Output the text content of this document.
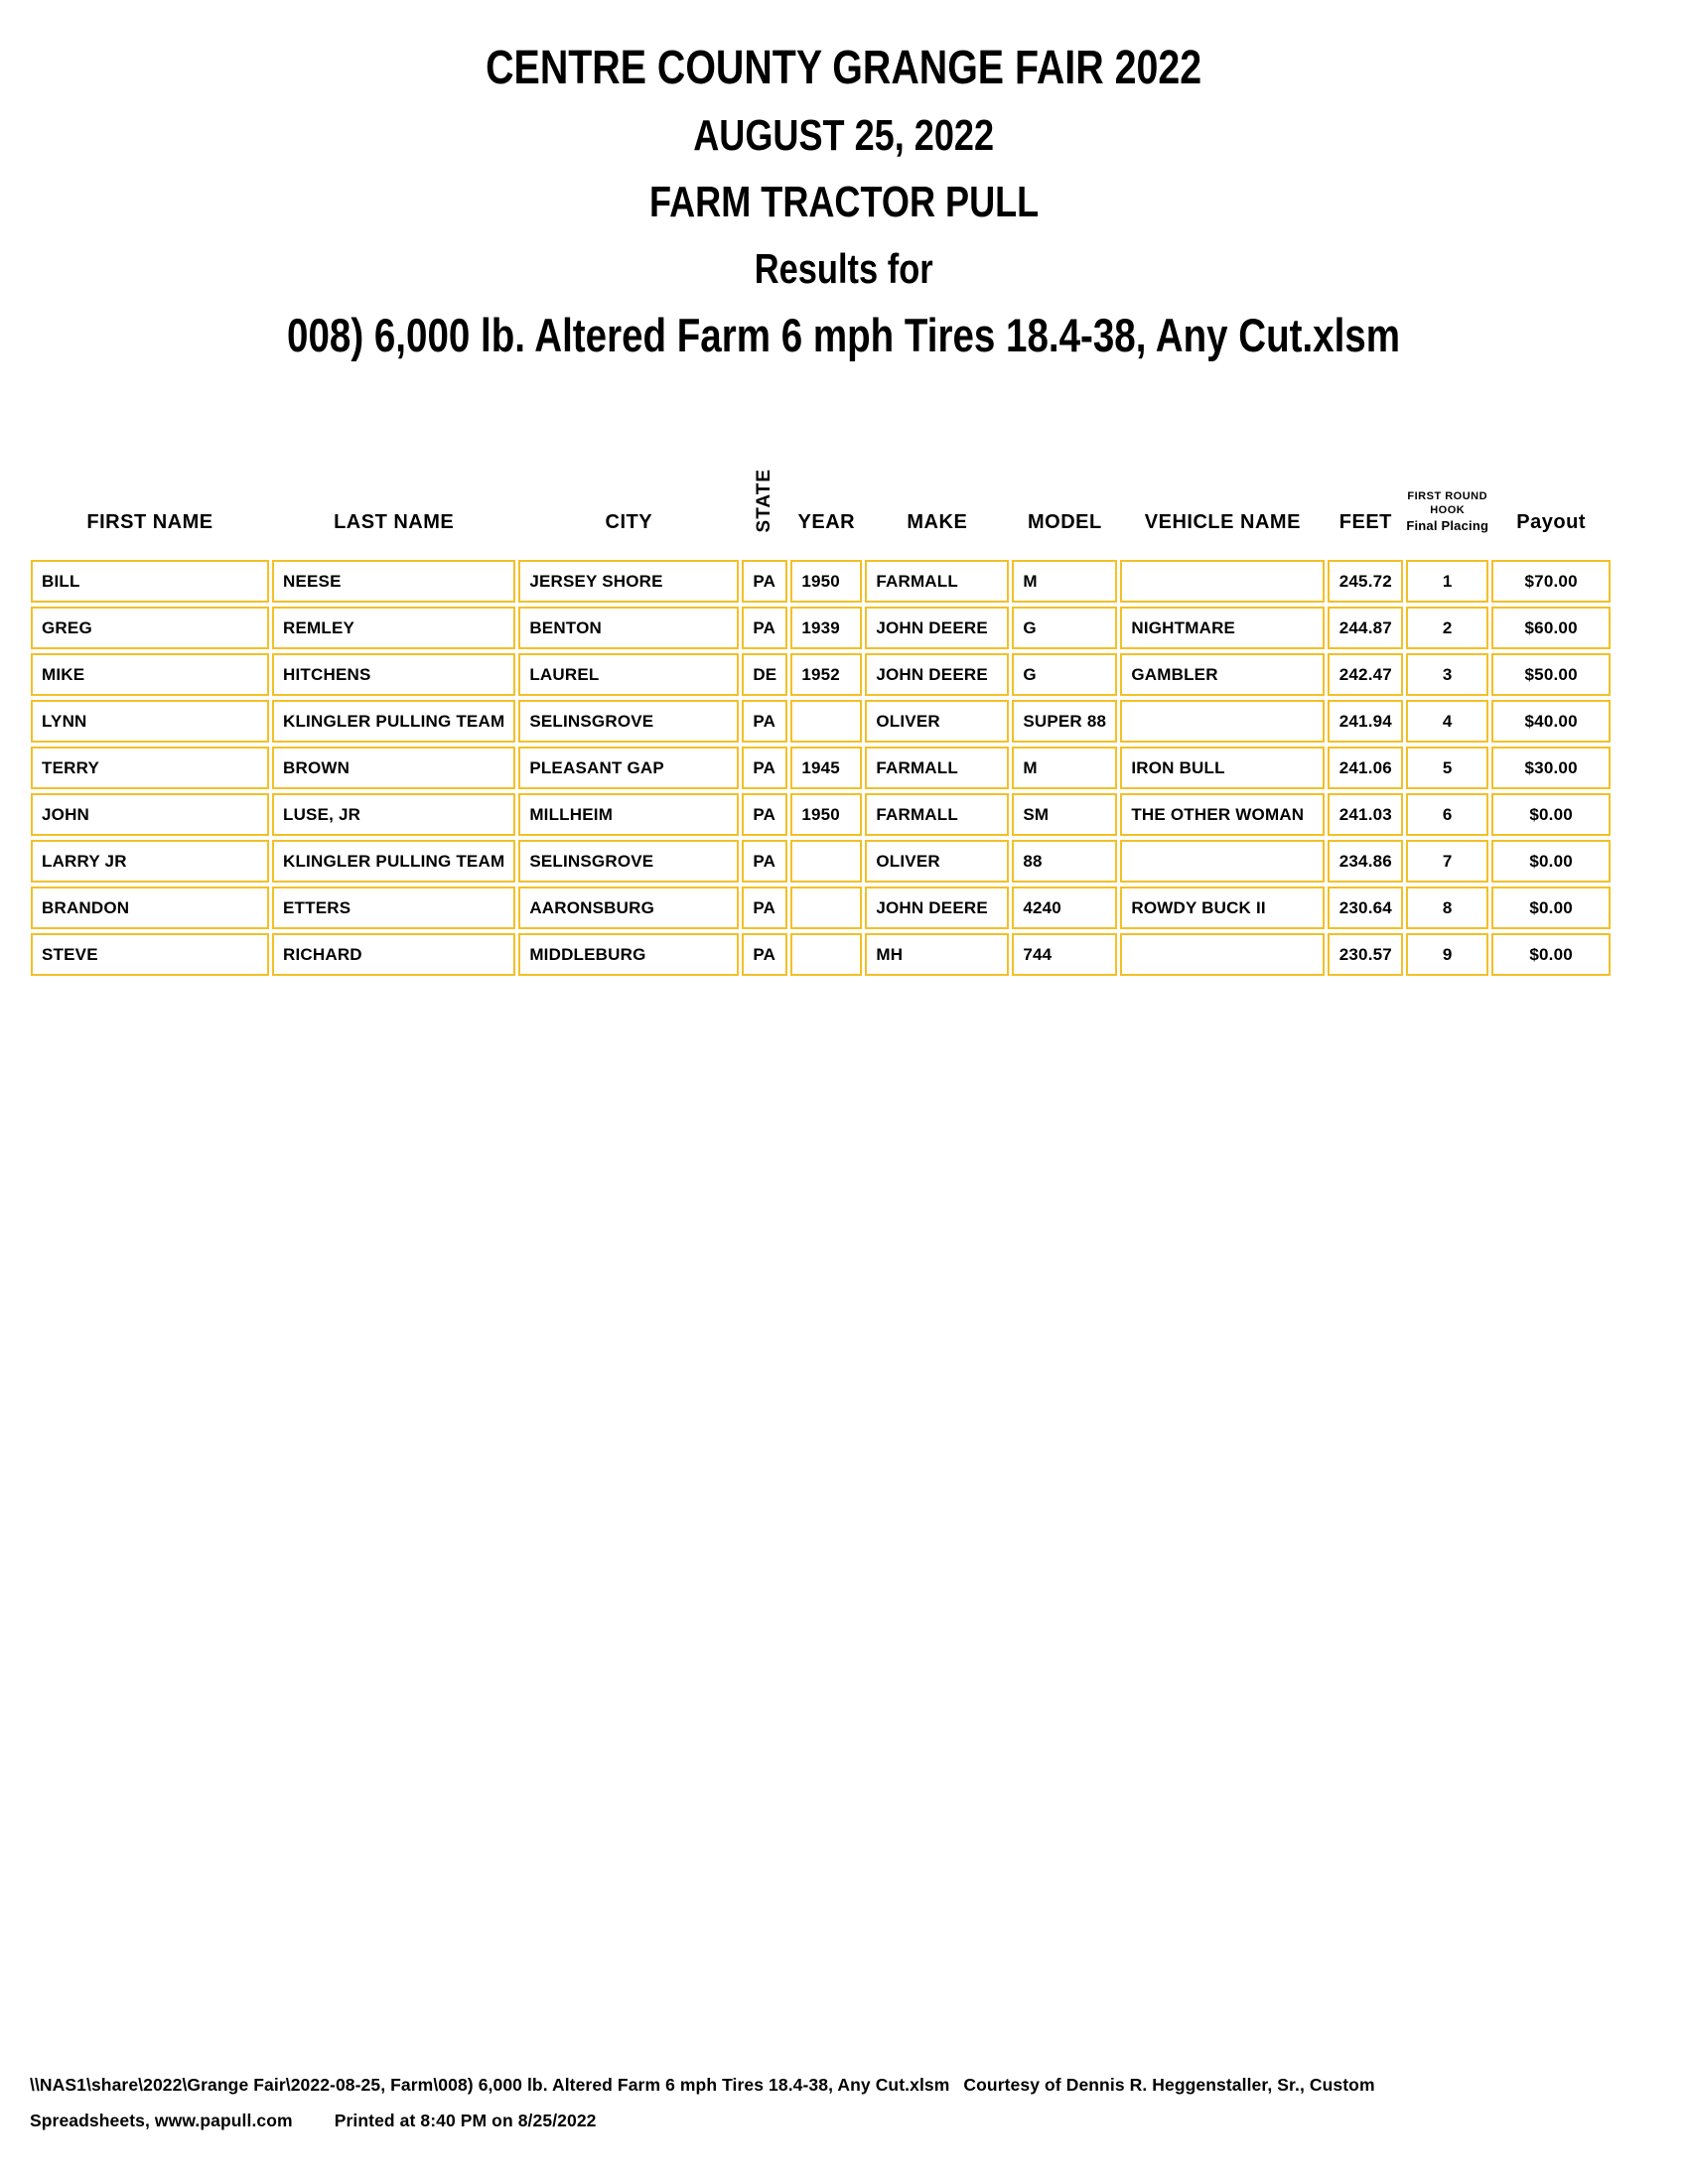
CENTRE COUNTY GRANGE FAIR 2022
AUGUST 25, 2022
FARM TRACTOR PULL
Results for
008) 6,000 lb. Altered Farm 6 mph Tires 18.4-38, Any Cut.xlsm
FIRST NAME	LAST NAME	CITY	STATE	YEAR	MAKE	MODEL	VEHICLE NAME	FEET	FIRST ROUND
HOOK
Final Placing	Payout
BILL	NEESE	JERSEY SHORE	PA	1950	FARMALL	M		245.72	1	$70.00
GREG	REMLEY	BENTON	PA	1939	JOHN DEERE	G	NIGHTMARE	244.87	2	$60.00
MIKE	HITCHENS	LAUREL	DE	1952	JOHN DEERE	G	GAMBLER	242.47	3	$50.00
LYNN	KLINGLER PULLING TEAM	SELINSGROVE	PA		OLIVER	SUPER 88		241.94	4	$40.00
TERRY	BROWN	PLEASANT GAP	PA	1945	FARMALL	M	IRON BULL	241.06	5	$30.00
JOHN	LUSE, JR	MILLHEIM	PA	1950	FARMALL	SM	THE OTHER WOMAN	241.03	6	$0.00
LARRY JR	KLINGLER PULLING TEAM	SELINSGROVE	PA		OLIVER	88		234.86	7	$0.00
BRANDON	ETTERS	AARONSBURG	PA		JOHN DEERE	4240	ROWDY BUCK II	230.64	8	$0.00
STEVE	RICHARD	MIDDLEBURG	PA		MH	744		230.57	9	$0.00
\\NAS1\share\2022\Grange Fair\2022-08-25, Farm\008) 6,000 lb. Altered Farm 6 mph Tires 18.4-38, Any Cut.xlsm Courtesy of Dennis R. Heggenstaller, Sr., Custom
Spreadsheets, www.papull.com Printed at 8:40 PM on 8/25/2022
